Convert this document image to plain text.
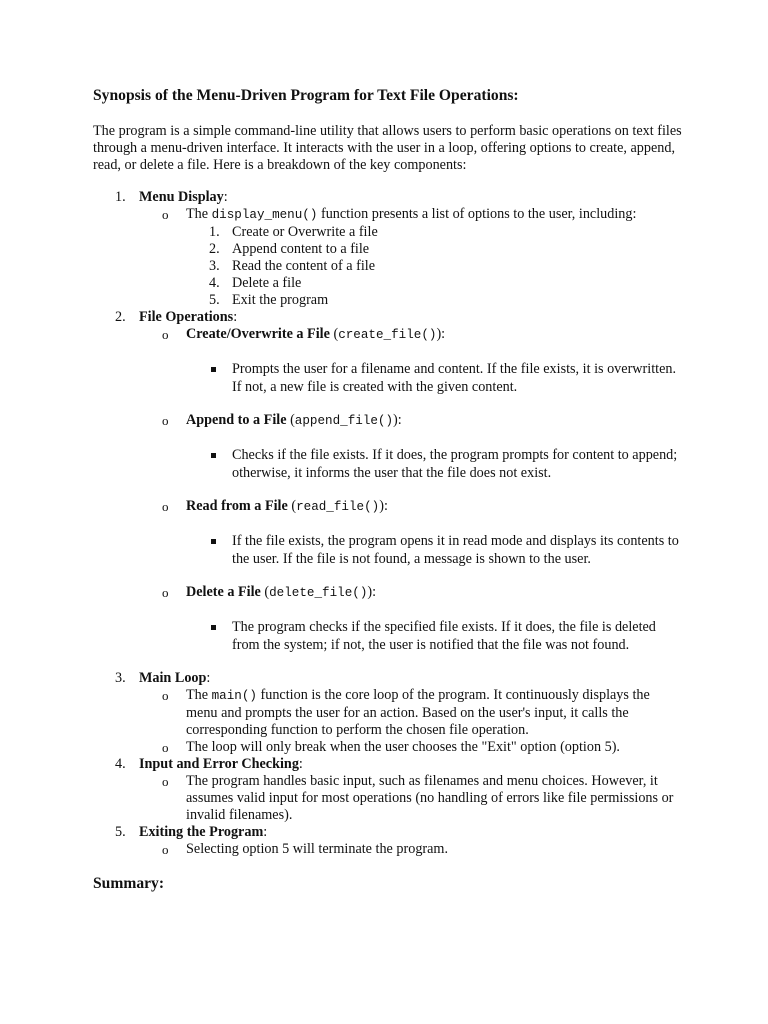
Synopsis of the Menu-Driven Program for Text File Operations:
The program is a simple command-line utility that allows users to perform basic operations on text files through a menu-driven interface. It interacts with the user in a loop, offering options to create, append, read, or delete a file. Here is a breakdown of the key components:
1. Menu Display:
o The display_menu() function presents a list of options to the user, including:
1. Create or Overwrite a file
2. Append content to a file
3. Read the content of a file
4. Delete a file
5. Exit the program
2. File Operations:
o Create/Overwrite a File (create_file()):
Prompts the user for a filename and content. If the file exists, it is overwritten. If not, a new file is created with the given content.
o Append to a File (append_file()):
Checks if the file exists. If it does, the program prompts for content to append; otherwise, it informs the user that the file does not exist.
o Read from a File (read_file()):
If the file exists, the program opens it in read mode and displays its contents to the user. If the file is not found, a message is shown to the user.
o Delete a File (delete_file()):
The program checks if the specified file exists. If it does, the file is deleted from the system; if not, the user is notified that the file was not found.
3. Main Loop:
o The main() function is the core loop of the program. It continuously displays the menu and prompts the user for an action. Based on the user's input, it calls the corresponding function to perform the chosen file operation.
o The loop will only break when the user chooses the "Exit" option (option 5).
4. Input and Error Checking:
o The program handles basic input, such as filenames and menu choices. However, it assumes valid input for most operations (no handling of errors like file permissions or invalid filenames).
5. Exiting the Program:
o Selecting option 5 will terminate the program.
Summary:
